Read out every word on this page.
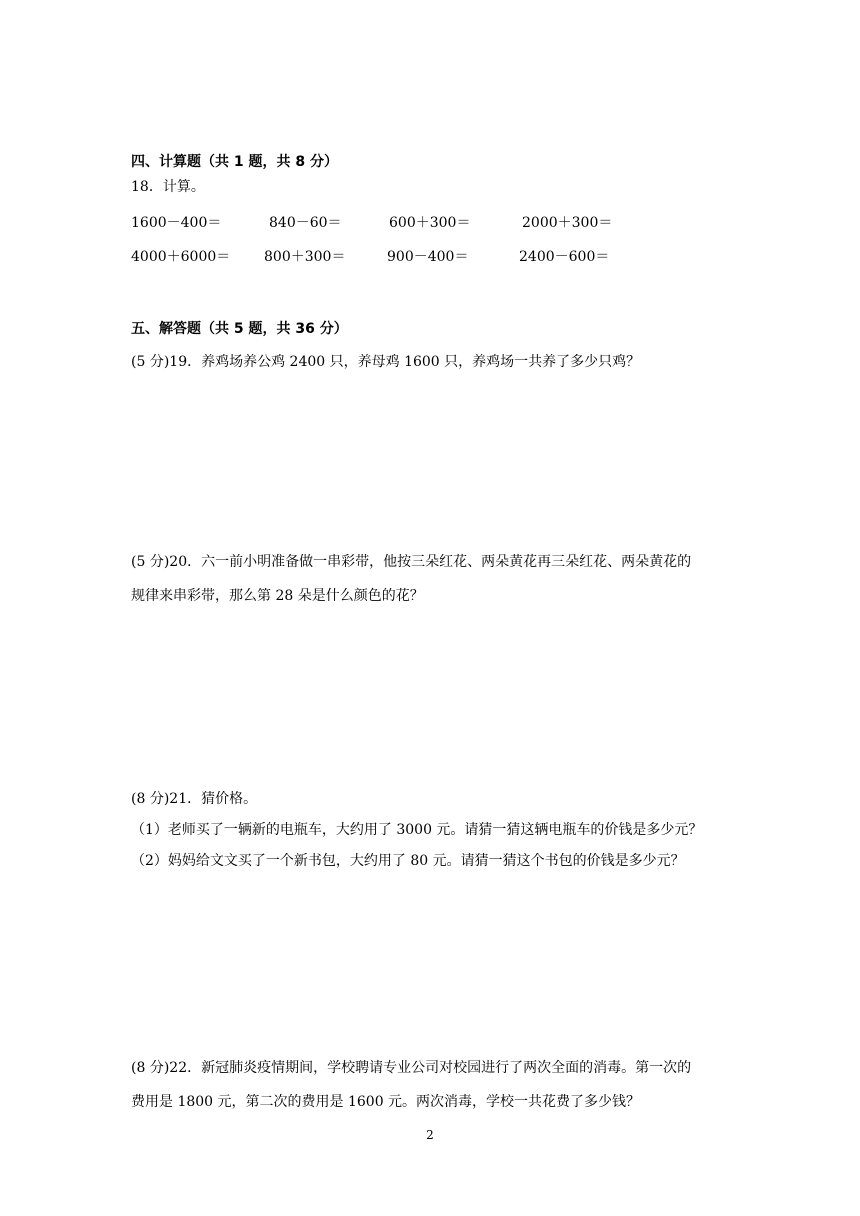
四、计算题（共 1 题，共 8 分）
18．计算。
1600－400＝	840－60＝	600＋300＝	2000＋300＝
4000＋6000＝ 800＋300＝	900－400＝	2400－600＝
五、解答题（共 5 题，共 36 分）
(5 分)19．养鸡场养公鸡 2400 只，养母鸡 1600 只，养鸡场一共养了多少只鸡？
(5 分)20．六一前小明准备做一串彩带，他按三朵红花、两朵黄花再三朵红花、两朵黄花的
规律来串彩带，那么第 28 朵是什么颜色的花？
(8 分)21．猜价格。
（1）老师买了一辆新的电瓶车，大约用了 3000 元。请猜一猜这辆电瓶车的价钱是多少元？
（2）妈妈给文文买了一个新书包，大约用了 80 元。请猜一猜这个书包的价钱是多少元？
(8 分)22．新冠肺炎疫情期间，学校聘请专业公司对校园进行了两次全面的消毒。第一次的
费用是 1800 元，第二次的费用是 1600 元。两次消毒，学校一共花费了多少钱？
2
